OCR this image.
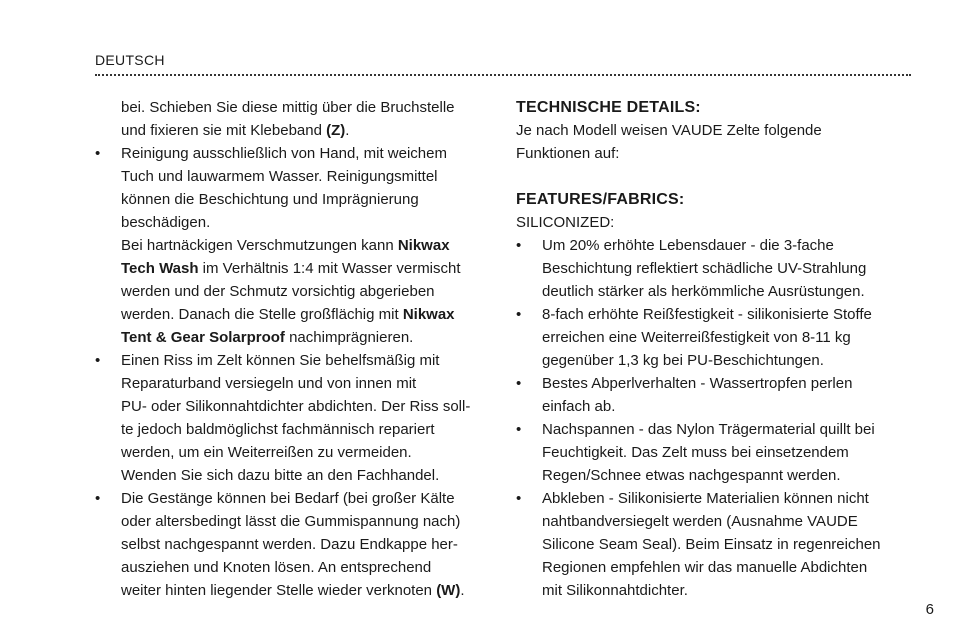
DEUTSCH
bei. Schieben Sie diese mittig über die Bruchstelle
und fixieren sie mit Klebeband (Z).
•	Reinigung ausschließlich von Hand, mit weichem
Tuch und lauwarmem Wasser. Reinigungsmittel
können die Beschichtung und Imprägnierung
beschädigen.
Bei hartnäckigen Verschmutzungen kann Nikwax
Tech Wash im Verhältnis 1:4 mit Wasser vermischt
werden und der Schmutz vorsichtig abgerieben
werden. Danach die Stelle großflächig mit Nikwax
Tent & Gear Solarproof nachimprägnieren.
•	Einen Riss im Zelt können Sie behelfsmäßig mit
Reparaturband versiegeln und von innen mit
PU- oder Silikonnahtdichter abdichten. Der Riss soll-
te jedoch baldmöglichst fachmännisch repariert
werden, um ein Weiterreißen zu vermeiden.
Wenden Sie sich dazu bitte an den Fachhandel.
•	Die Gestänge können bei Bedarf (bei großer Kälte
oder altersbedingt lässt die Gummispannung nach)
selbst nachgespannt werden. Dazu Endkappe her-
ausziehen und Knoten lösen. An entsprechend
weiter hinten liegender Stelle wieder verknoten (W).
TECHNISCHE DETAILS:
Je nach Modell weisen VAUDE Zelte folgende
Funktionen auf:
FEATURES/FABRICS:
SILICONIZED:
•	Um 20% erhöhte Lebensdauer - die 3-fache
Beschichtung reflektiert schädliche UV-Strahlung
deutlich stärker als herkömmliche Ausrüstungen.
•	8-fach erhöhte Reißfestigkeit - silikonisierte Stoffe
erreichen eine Weiterreißfestigkeit von 8-11 kg
gegenüber 1,3 kg bei PU-Beschichtungen.
•	Bestes Abperlverhalten - Wassertropfen perlen
einfach ab.
•	Nachspannen - das Nylon Trägermaterial quillt bei
Feuchtigkeit. Das Zelt muss bei einsetzendem
Regen/Schnee etwas nachgespannt werden.
•	Abkleben - Silikonisierte Materialien können nicht
nahtbandversiegelt werden (Ausnahme VAUDE
Silicone Seam Seal). Beim Einsatz in regenreichen
Regionen empfehlen wir das manuelle Abdichten
mit Silikonnahtdichter.
6
